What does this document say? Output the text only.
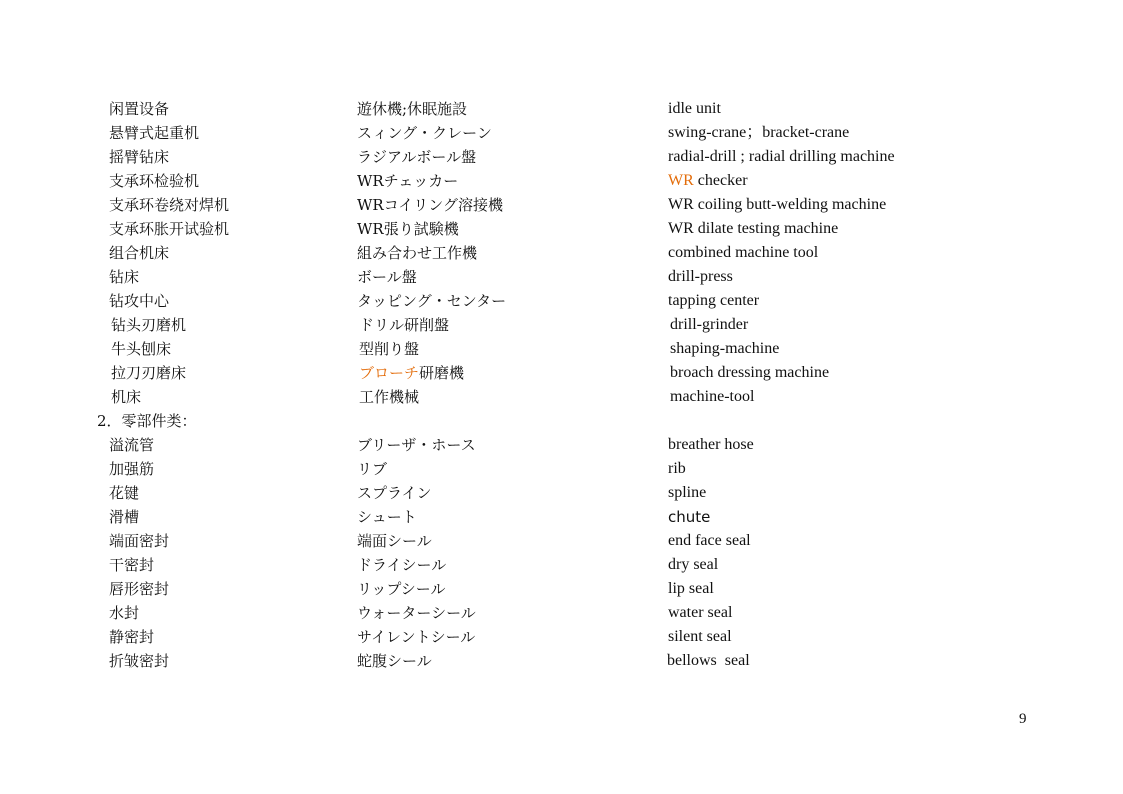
闲置设备	遊休機;休眠施設	idle unit
悬臂式起重机	スィング・クレーン	swing-crane；bracket-crane
摇臂钻床	ラジアルボール盤	radial-drill ; radial drilling machine
支承环检验机	WRチェッカー	WR checker
支承环卷绕对焊机	WRコイリング溶接機	WR coiling butt-welding machine
支承环胀开试验机	WR張り試験機	WR dilate testing machine
组合机床	組み合わせ工作機	combined machine tool
钻床	ボール盤	drill-press
钻攻中心	タッピング・センター	tapping center
钻头刃磨机	ドリル研削盤	drill-grinder
牛头刨床	型削り盤	shaping-machine
拉刀刃磨床	ブローチ研磨機	broach dressing machine
机床	工作機械	machine-tool
2．零部件类：
溢流管	ブリーザ・ホース	breather hose
加强筋	リブ	rib
花键	スプライン	spline
滑槽	シュート	chute
端面密封	端面シール	end face seal
干密封	ドライシール	dry seal
唇形密封	リップシール	lip seal
水封	ウォーターシール	water seal
静密封	サイレントシール	silent seal
折皱密封	蛇腹シール	bellows  seal
9
